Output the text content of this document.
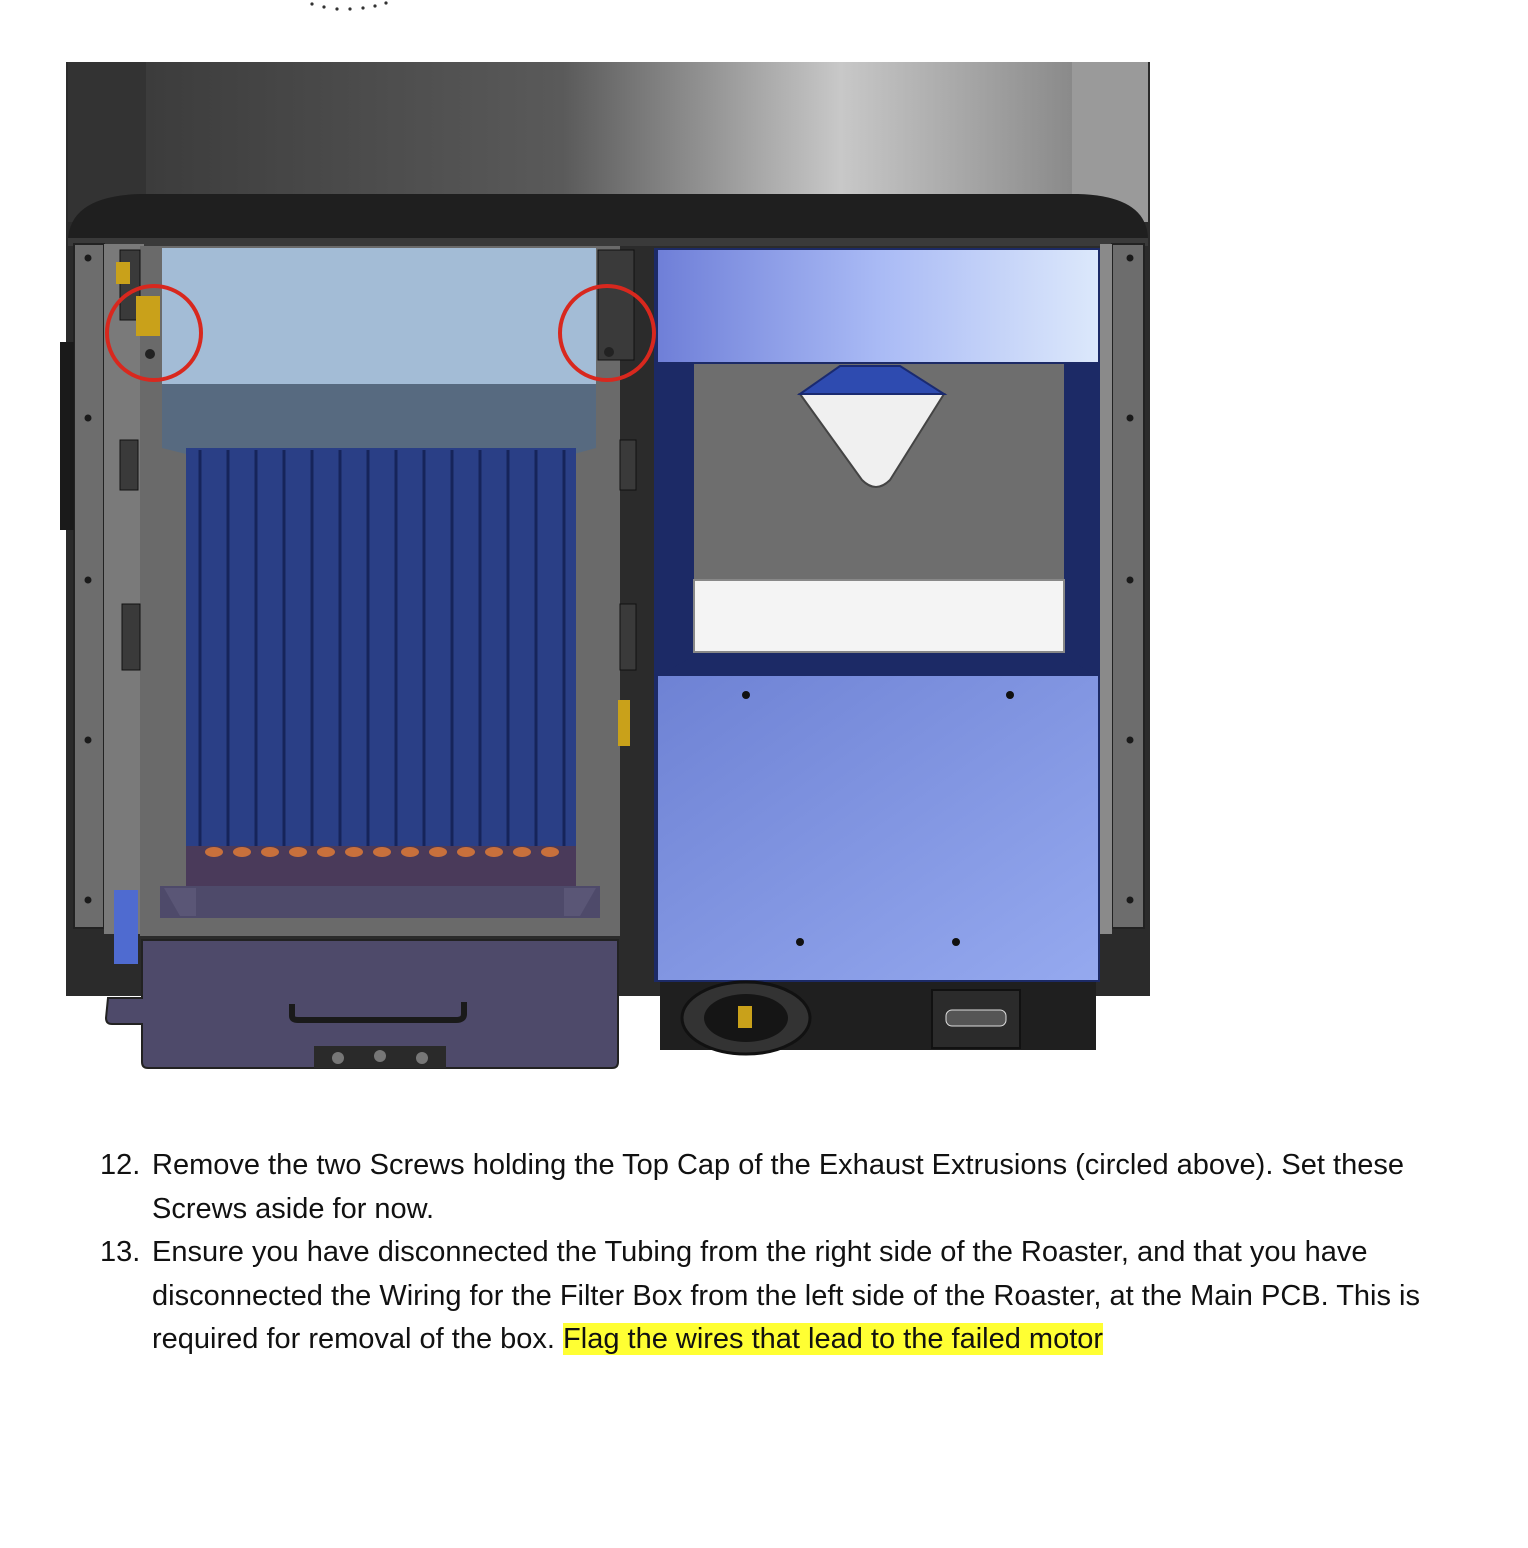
12. Remove the two Screws holding the Top Cap of the Exhaust Extrusions (circled above). Set these Screws aside for now.
13. Ensure you have disconnected the Tubing from the right side of the Roaster, and that you have disconnected the Wiring for the Filter Box from the left side of the Roaster, at the Main PCB. This is required for removal of the box. Flag the wires that lead to the failed motor
